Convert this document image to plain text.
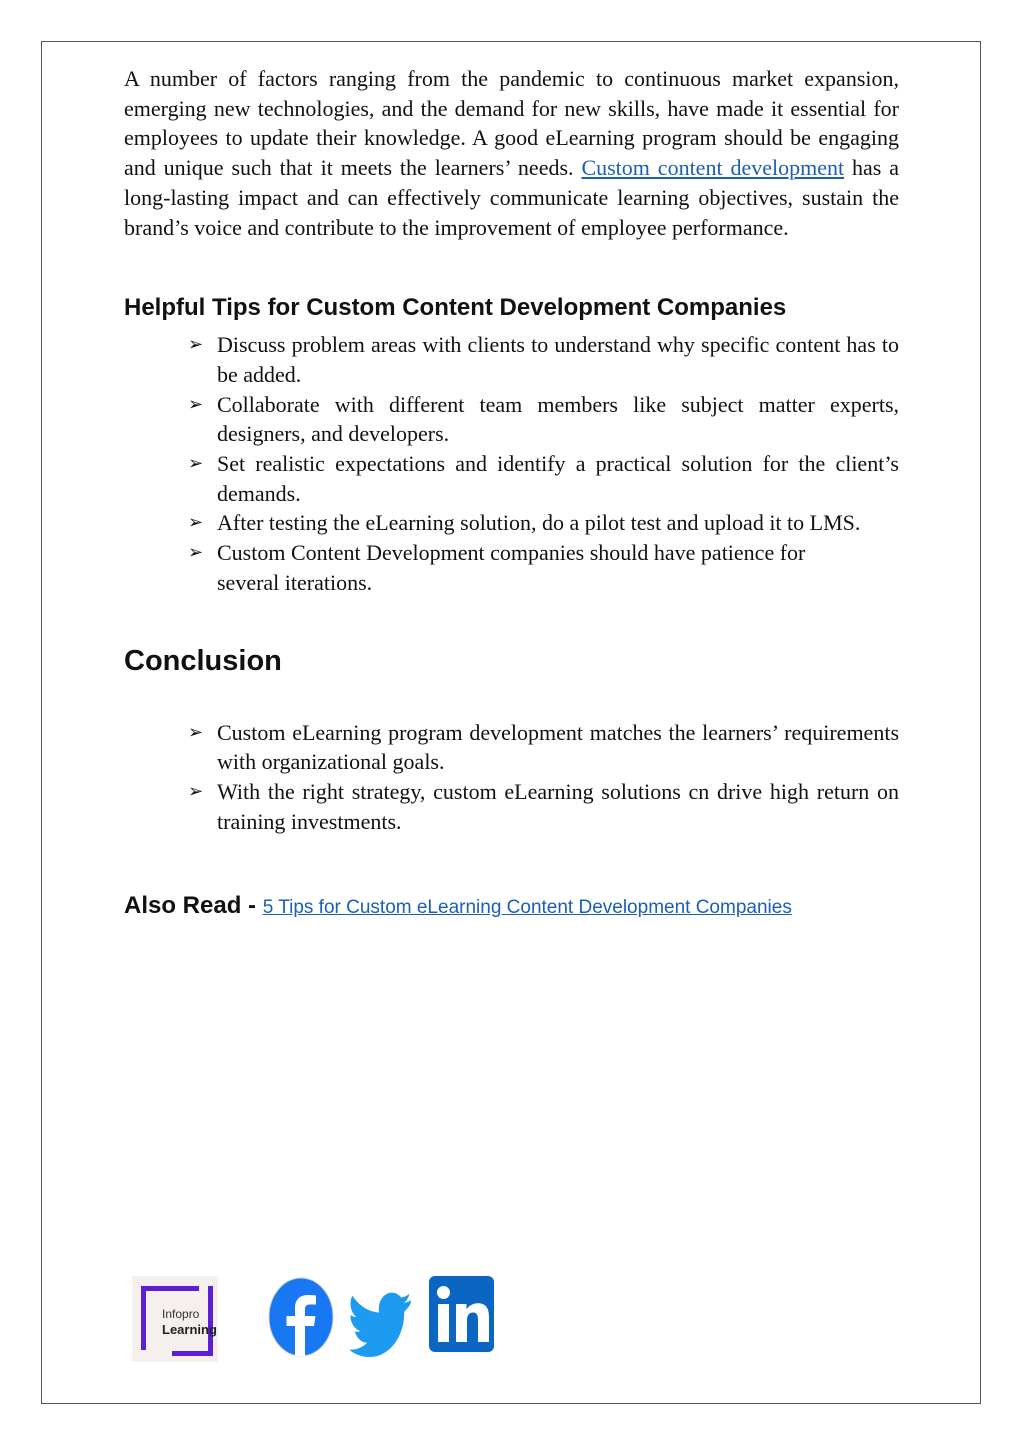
A number of factors ranging from the pandemic to continuous market expansion, emerging new technologies, and the demand for new skills, have made it essential for employees to update their knowledge. A good eLearning program should be engaging and unique such that it meets the learners’ needs. Custom content development has a long-lasting impact and can effectively communicate learning objectives, sustain the brand’s voice and contribute to the improvement of employee performance.

Helpful Tips for Custom Content Development Companies
➢ Discuss problem areas with clients to understand why specific content has to be added.
➢ Collaborate with different team members like subject matter experts, designers, and developers.
➢ Set realistic expectations and identify a practical solution for the client’s demands.
➢ After testing the eLearning solution, do a pilot test and upload it to LMS.
➢ Custom Content Development companies should have patience for several iterations.
Conclusion
➢ Custom eLearning program development matches the learners’ requirements with organizational goals.
➢ With the right strategy, custom eLearning solutions cn drive high return on training investments.
Also Read - 5 Tips for Custom eLearning Content Development Companies
Infopro
Learning
